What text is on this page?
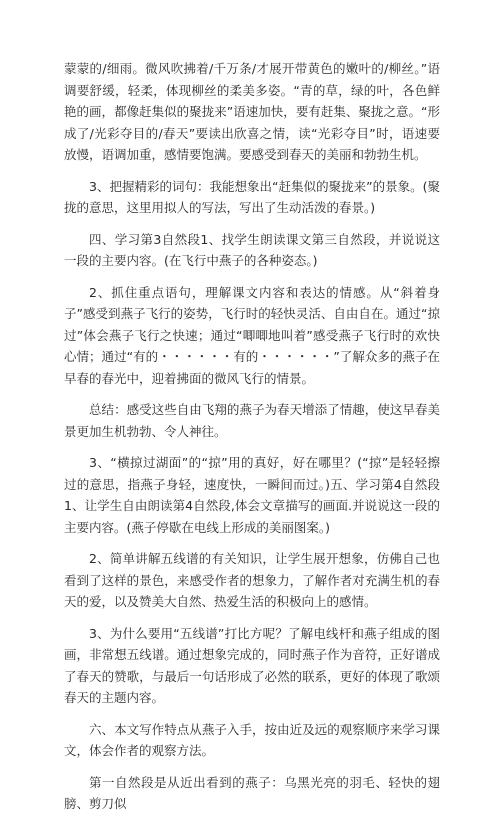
蒙蒙的/细雨。微风吹拂着/千万条/才展开带黄色的嫩叶的/柳丝。”语调要舒缓，轻柔，体现柳丝的柔美多姿。“青的草，绿的叶，各色鲜艳的画，都像赶集似的聚拢来”语速加快，要有赶集、聚拢之意。“形成了/光彩夺目的/春天”要读出欣喜之情，读“光彩夺目”时，语速要放慢，语调加重，感情要饱满。要感受到春天的美丽和勃勃生机。

3、把握精彩的词句：我能想象出“赶集似的聚拢来”的景象。(聚拢的意思，这里用拟人的写法，写出了生动活泼的春景。)

四、学习第3自然段1、找学生朗读课文第三自然段，并说说这一段的主要内容。(在飞行中燕子的各种姿态。)

2、抓住重点语句，理解课文内容和表达的情感。从“斜着身子”感受到燕子飞行的姿势，飞行时的轻快灵活、自由自在。通过“掠过”体会燕子飞行之快速；通过“唧唧地叫着”感受燕子飞行时的欢快心情；通过“有的・・・・・・有的・・・・・・”了解众多的燕子在早春的春光中，迎着拂面的微风飞行的情景。

总结：感受这些自由飞翔的燕子为春天增添了情趣，使这早春美景更加生机勃勃、令人神往。

3、“横掠过湖面”的“掠”用的真好，好在哪里？(“掠”是轻轻擦过的意思，指燕子身轻，速度快，一瞬间而过。)五、学习第4自然段1、让学生自由朗读第4自然段,体会文章描写的画面.并说说这一段的主要内容。(燕子停歇在电线上形成的美丽图案。)

2、简单讲解五线谱的有关知识，让学生展开想象，仿佛自己也看到了这样的景色，来感受作者的想象力，了解作者对充满生机的春天的爱，以及赞美大自然、热爱生活的积极向上的感情。

3、为什么要用“五线谱”打比方呢？了解电线杆和燕子组成的图画，非常想五线谱。通过想象完成的，同时燕子作为音符，正好谱成了春天的赞歌，与最后一句话形成了必然的联系，更好的体现了歌颂春天的主题内容。

六、本文写作特点从燕子入手，按由近及远的观察顺序来学习课文，体会作者的观察方法。

第一自然段是从近出看到的燕子：乌黑光亮的羽毛、轻快的翅膀、剪刀似
